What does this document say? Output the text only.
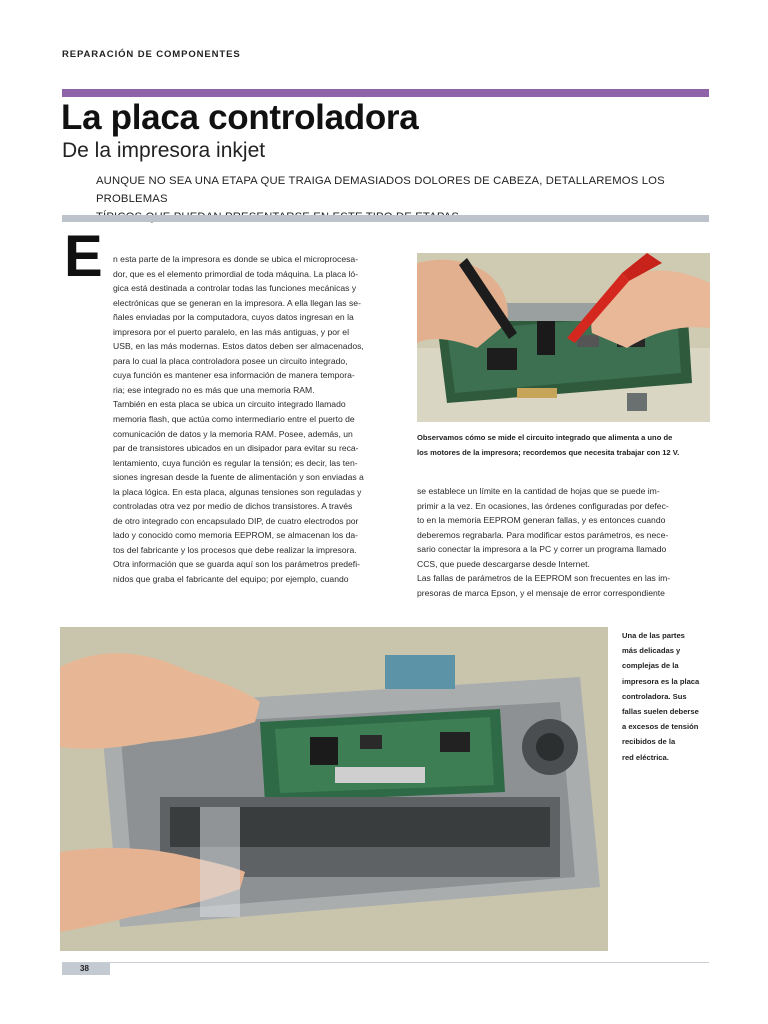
REPARACIÓN DE COMPONENTES
La placa controladora
De la impresora inkjet
AUNQUE NO SEA UNA ETAPA QUE TRAIGA DEMASIADOS DOLORES DE CABEZA, DETALLAREMOS LOS PROBLEMAS
E n esta parte de la impresora es donde se ubica el microprocesa-

dor, que es el elemento primordial de toda máquina. La placa ló-

gica está destinada a controlar todas las funciones mecánicas y

electrónicas que se generan en la impresora. A ella llegan las se-

ñales enviadas por la computadora, cuyos datos ingresan en la

impresora por el puerto paralelo, en las más antiguas, y por el

USB, en las más modernas. Estos datos deben ser almacenados,

para lo cual la placa controladora posee un circuito integrado,

cuya función es mantener esa información de manera tempora-

ria; ese integrado no es más que una memoria RAM.

También en esta placa se ubica un circuito integrado llamado

memoria flash, que actúa como intermediario entre el puerto de

comunicación de datos y la memoria RAM. Posee, además, un

par de transistores ubicados en un disipador para evitar su reca-

lentamiento, cuya función es regular la tensión; es decir, las ten-

siones ingresan desde la fuente de alimentación y son enviadas a

la placa lógica. En esta placa, algunas tensiones son reguladas y

controladas otra vez por medio de dichos transistores. A través

de otro integrado con encapsulado DIP, de cuatro electrodos por

lado y conocido como memoria EEPROM, se almacenan los da-

tos del fabricante y los procesos que debe realizar la impresora.

Otra información que se guarda aquí son los parámetros predefi-

nidos que graba el fabricante del equipo; por ejemplo, cuando

Observamos cómo se mide el circuito integrado que alimenta a uno de
los motores de la impresora; recordemos que necesita trabajar con 12 V.

se establece un límite en la cantidad de hojas que se puede im-

primir a la vez. En ocasiones, las órdenes configuradas por defec-

to en la memoria EEPROM generan fallas, y es entonces cuando

deberemos regrabarla. Para modificar estos parámetros, es nece-

sario conectar la impresora a la PC y correr un programa llamado

CCS, que puede descargarse desde Internet.

Las fallas de parámetros de la EEPROM son frecuentes en las im-

presoras de marca Epson, y el mensaje de error correspondiente

Una de las partes
más delicadas y
complejas de la
impresora es la placa
controladora. Sus
fallas suelen deberse
a excesos de tensión
recibidos de la
red eléctrica.
38
